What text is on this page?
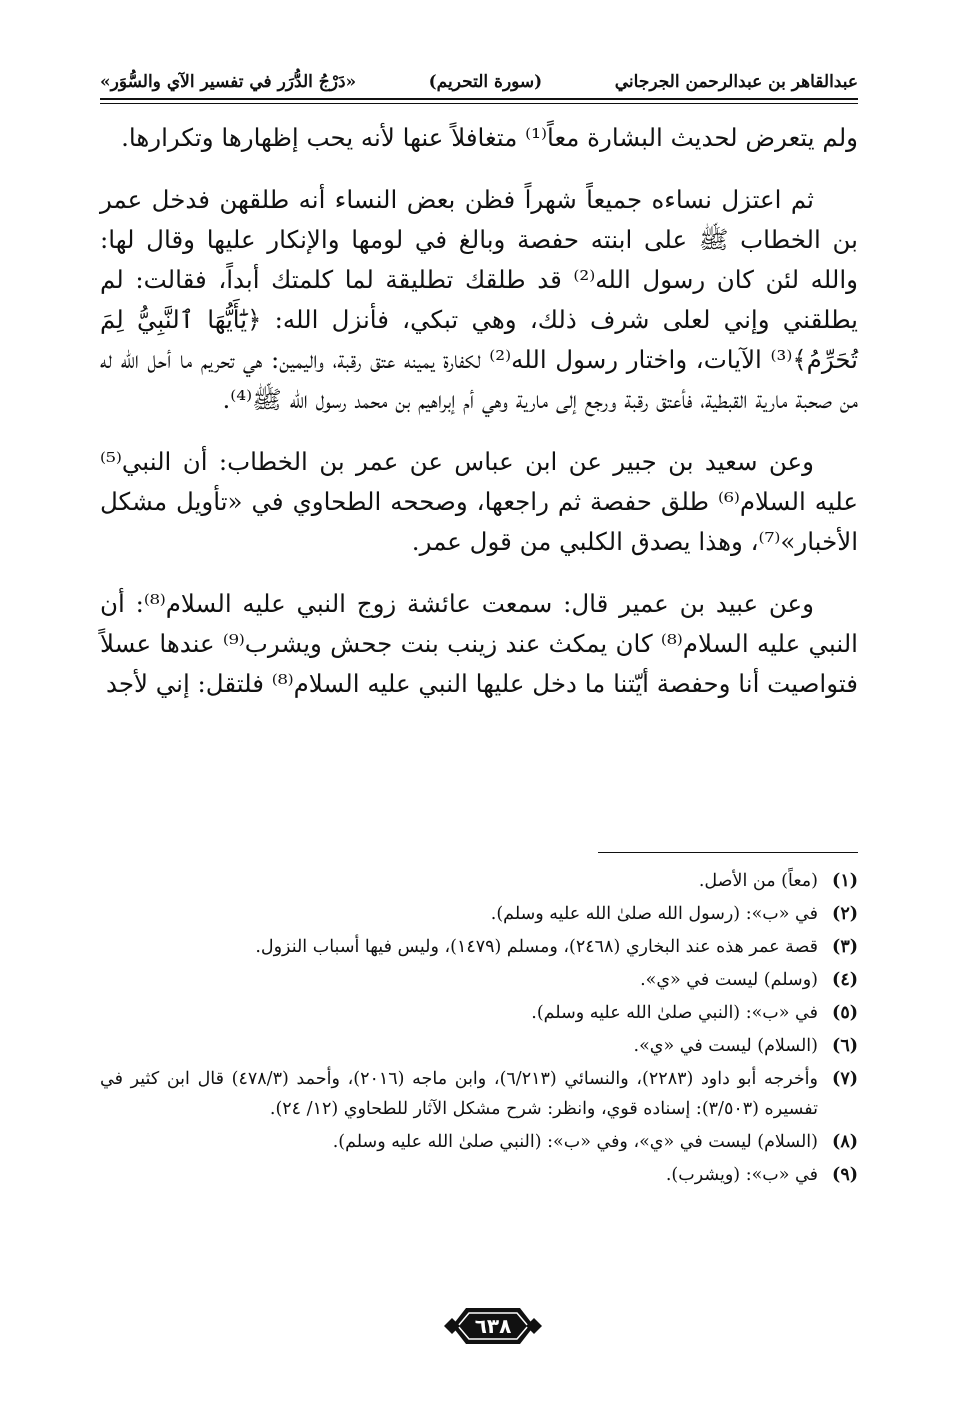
عبدالقاهر بن عبدالرحمن الجرجاني
(سورة التحريم)
«دَرْجُ الدُّرَر في تفسير الآي والسُّوَر»

ولم يتعرض لحديث البشارة معاً⁽¹⁾ متغافلاً عنها لأنه يحب إظهارها وتكرارها.

ثم اعتزل نساءه جميعاً شهراً فظن بعض النساء أنه طلقهن فدخل عمر بن الخطاب ﷺ على ابنته حفصة وبالغ في لومها والإنكار عليها وقال لها: والله لئن كان رسول الله⁽²⁾ قد طلقك تطليقة لما كلمتك أبداً، فقالت: لم يطلقني وإني لعلى شرف ذلك، وهي تبكي، فأنزل الله: ﴿يَٰٓأَيُّهَا ٱلنَّبِيُّ لِمَ تُحَرِّمُ﴾⁽³⁾ الآيات، واختار رسول الله⁽²⁾ لكفارة يمينه عتق رقبة، واليمين: هي تحريم ما أحل الله له من صحبة مارية القبطية، فأعتق رقبة ورجع إلى مارية وهي أم إبراهيم بن محمد رسول الله ﷺ⁽⁴⁾.

وعن سعيد بن جبير عن ابن عباس عن عمر بن الخطاب: أن النبي⁽⁵⁾ عليه السلام⁽⁶⁾ طلق حفصة ثم راجعها، وصححه الطحاوي في «تأويل مشكل الأخبار»⁽⁷⁾، وهذا يصدق الكلبي من قول عمر.

وعن عبيد بن عمير قال: سمعت عائشة زوج النبي عليه السلام⁽⁸⁾: أن النبي عليه السلام⁽⁸⁾ كان يمكث عند زينب بنت جحش ويشرب⁽⁹⁾ عندها عسلاً فتواصيت أنا وحفصة أيّتنا ما دخل عليها النبي عليه السلام⁽⁸⁾ فلتقل: إني لأجد

(١)
(معاً) من الأصل.
(٢)
في «ب»: (رسول الله صلىٰ الله عليه وسلم).
(٣)
قصة عمر هذه عند البخاري (٢٤٦٨)، ومسلم (١٤٧٩)، وليس فيها أسباب النزول.
(٤)
(وسلم) ليست في «ي».
(٥)
في «ب»: (النبي صلىٰ الله عليه وسلم).
(٦)
(السلام) ليست في «ي».
(٧)
وأخرجه أبو داود (٢٢٨٣)، والنسائي (٦/٢١٣)، وابن ماجه (٢٠١٦)، وأحمد (٤٧٨/٣) قال ابن كثير في تفسيره (٣/٥٠٣): إسناده قوي، وانظر: شرح مشكل الآثار للطحاوي (١٢/ ٢٤).
(٨)
(السلام) ليست في «ي»، وفي «ب»: (النبي صلىٰ الله عليه وسلم).
(٩)
في «ب»: (ويشرب).
٦٣٨
